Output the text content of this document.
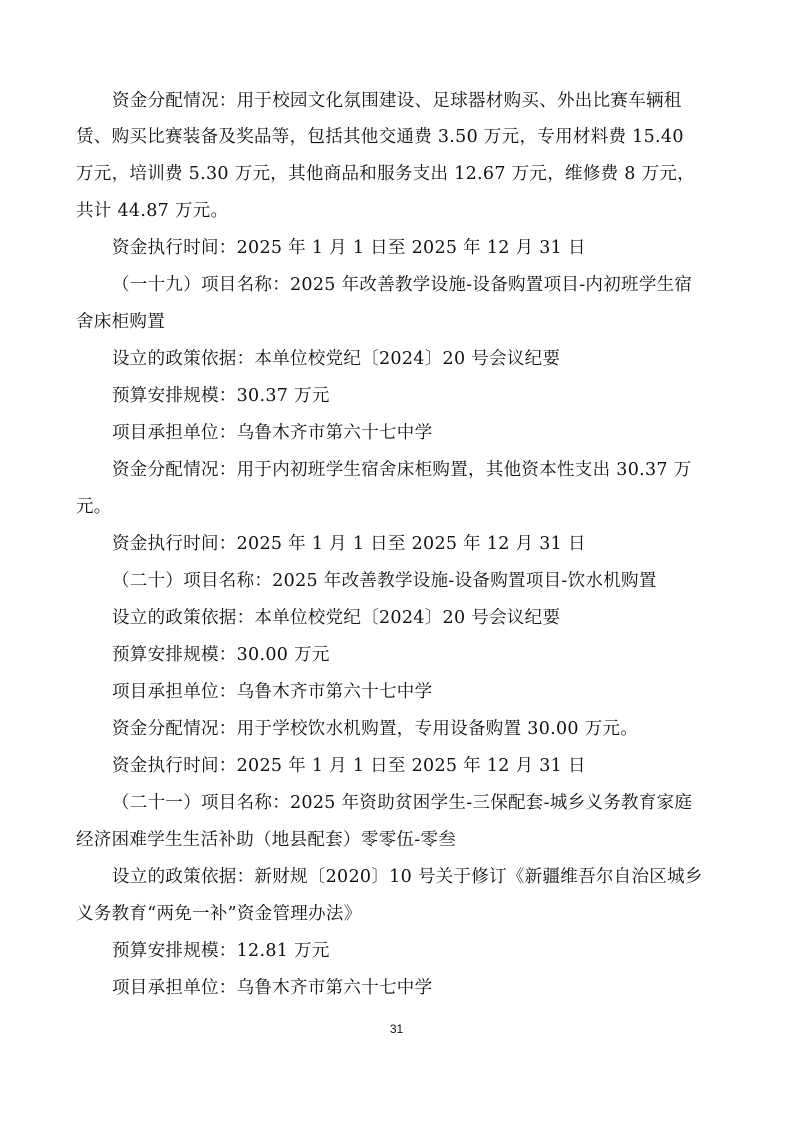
资金分配情况：用于校园文化氛围建设、足球器材购买、外出比赛车辆租
赁、购买比赛装备及奖品等，包括其他交通费 3.50 万元，专用材料费 15.40
万元，培训费 5.30 万元，其他商品和服务支出 12.67 万元，维修费 8 万元，
共计 44.87 万元。
资金执行时间：2025 年 1 月 1 日至 2025 年 12 月 31 日
（一十九）项目名称：2025 年改善教学设施-设备购置项目-内初班学生宿
舍床柜购置
设立的政策依据：本单位校党纪〔2024〕20 号会议纪要
预算安排规模：30.37 万元
项目承担单位：乌鲁木齐市第六十七中学
资金分配情况：用于内初班学生宿舍床柜购置，其他资本性支出 30.37 万
元。
资金执行时间：2025 年 1 月 1 日至 2025 年 12 月 31 日
（二十）项目名称：2025 年改善教学设施-设备购置项目-饮水机购置
设立的政策依据：本单位校党纪〔2024〕20 号会议纪要
预算安排规模：30.00 万元
项目承担单位：乌鲁木齐市第六十七中学
资金分配情况：用于学校饮水机购置，专用设备购置 30.00 万元。
资金执行时间：2025 年 1 月 1 日至 2025 年 12 月 31 日
（二十一）项目名称：2025 年资助贫困学生-三保配套-城乡义务教育家庭
经济困难学生生活补助（地县配套）零零伍-零叁
设立的政策依据：新财规〔2020〕10 号关于修订《新疆维吾尔自治区城乡
义务教育“两免一补”资金管理办法》
预算安排规模：12.81 万元
项目承担单位：乌鲁木齐市第六十七中学
31
